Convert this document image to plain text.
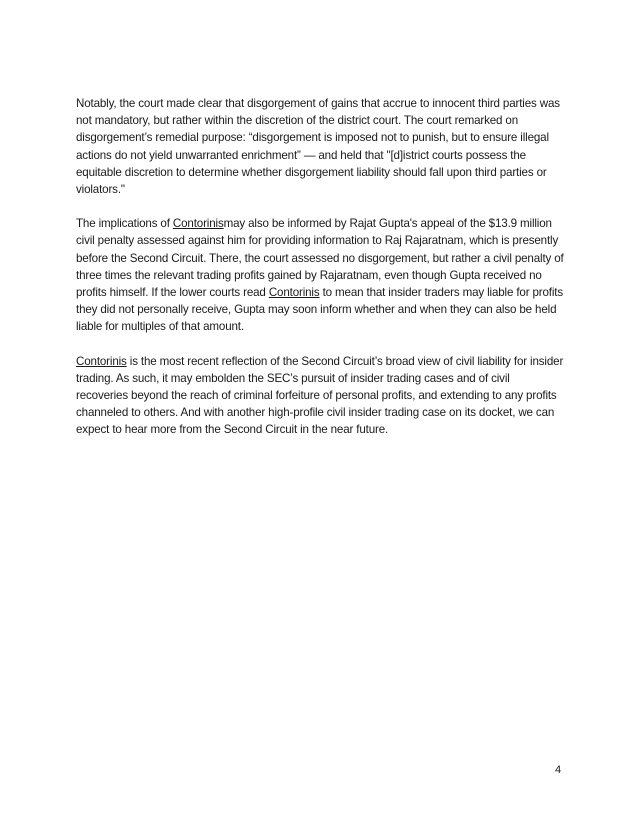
Notably, the court made clear that disgorgement of gains that accrue to innocent third parties was not mandatory, but rather within the discretion of the district court. The court remarked on disgorgement’s remedial purpose: “disgorgement is imposed not to punish, but to ensure illegal actions do not yield unwarranted enrichment” — and held that "[d]istrict courts possess the equitable discretion to determine whether disgorgement liability should fall upon third parties or violators."

The implications of Contorinismay also be informed by Rajat Gupta's appeal of the $13.9 million civil penalty assessed against him for providing information to Raj Rajaratnam, which is presently before the Second Circuit. There, the court assessed no disgorgement, but rather a civil penalty of three times the relevant trading profits gained by Rajaratnam, even though Gupta received no profits himself. If the lower courts read Contorinis to mean that insider traders may liable for profits they did not personally receive, Gupta may soon inform whether and when they can also be held liable for multiples of that amount.

Contorinis is the most recent reflection of the Second Circuit’s broad view of civil liability for insider trading. As such, it may embolden the SEC’s pursuit of insider trading cases and of civil recoveries beyond the reach of criminal forfeiture of personal profits, and extending to any profits channeled to others. And with another high-profile civil insider trading case on its docket, we can expect to hear more from the Second Circuit in the near future.

4
